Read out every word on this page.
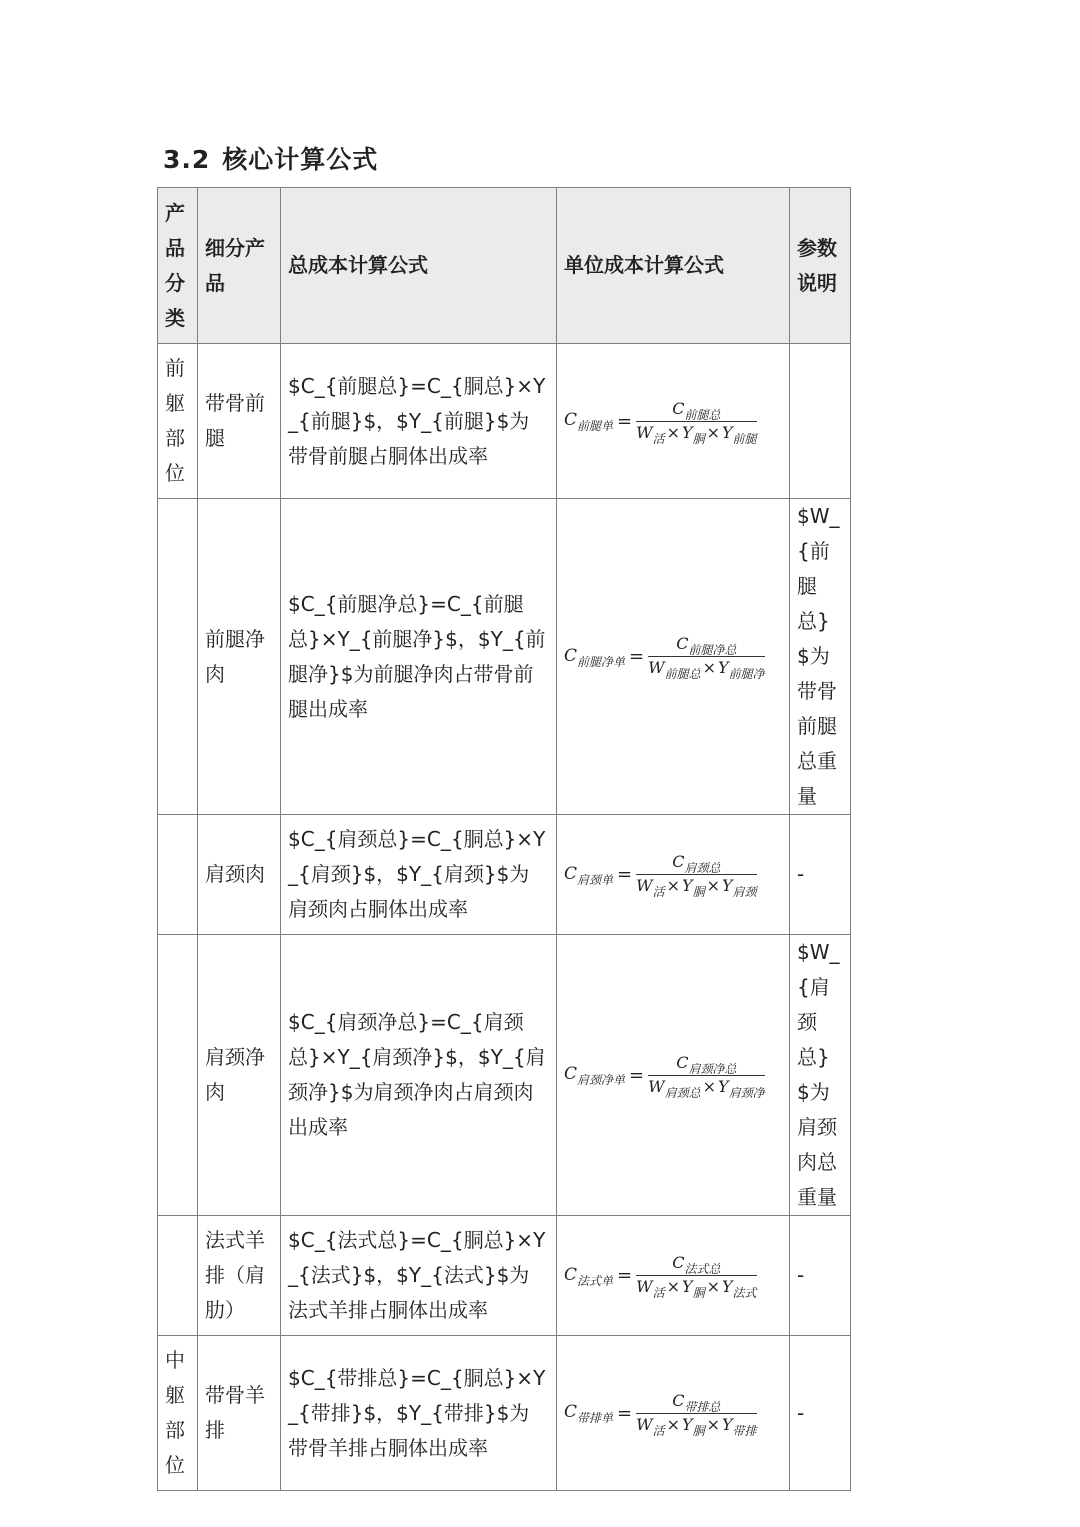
3.2 核心计算公式
产品分类	细分产品	总成本计算公式	单位成本计算公式	参数说明
前躯部位	带骨前腿	$C_{前腿总}=C_{胴总}×Y_{前腿}$，$Y_{前腿}$为带骨前腿占胴体出成率	$C_{前腿单} = \frac{C_{前腿总}}{W_活 \times Y_胴 \times Y_{前腿}}$

	前腿净肉	$C_{前腿净总}=C_{前腿总}×Y_{前腿净}$，$Y_{前腿净}$为前腿净肉占带骨前腿出成率	$C_{前腿净单} = \frac{C_{前腿净总}}{W_{前腿总} \times Y_{前腿净}}$	$W_{前腿总}$为带骨前腿总重量
	肩颈肉	$C_{肩颈总}=C_{胴总}×Y_{肩颈}$，$Y_{肩颈}$为肩颈肉占胴体出成率	$C_{肩颈单} = \frac{C_{肩颈总}}{W_活 \times Y_胴 \times Y_{肩颈}}$	-
	肩颈净肉	$C_{肩颈净总}=C_{肩颈总}×Y_{肩颈净}$，$Y_{肩颈净}$为肩颈净肉占肩颈肉出成率	$C_{肩颈净单} = \frac{C_{肩颈净总}}{W_{肩颈总} \times Y_{肩颈净}}$	$W_{肩颈总}$为肩颈肉总重量
	法式羊排（肩肋）	$C_{法式总}=C_{胴总}×Y_{法式}$，$Y_{法式}$为法式羊排占胴体出成率	$C_{法式单} = \frac{C_{法式总}}{W_活 \times Y_胴 \times Y_{法式}}$	-
中躯部位	带骨羊排	$C_{带排总}=C_{胴总}×Y_{带排}$，$Y_{带排}$为带骨羊排占胴体出成率	$C_{带排单} = \frac{C_{带排总}}{W_活 \times Y_胴 \times Y_{带排}}$	-
